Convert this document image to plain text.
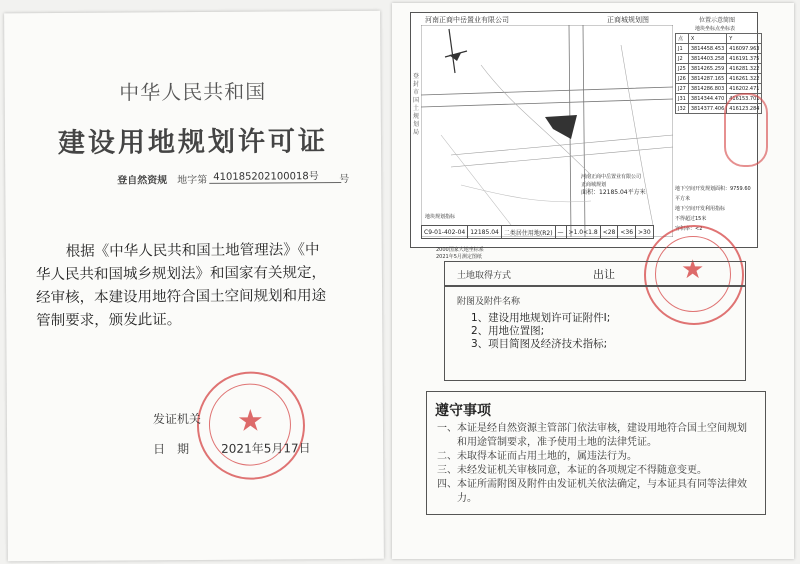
中华人民共和国
建设用地规划许可证
登自然资规 地字第 410185202100018号	号
根据《中华人民共和国土地管理法》《中
华人民共和国城乡规划法》和国家有关规定，
经审核，本建设用地符合国土空间规划和用途
管制要求，颁发此证。
★
发证机关
日　期	2021年5月17日
河南正商中岳置业有限公司	正商城规划图	位置示意简图
登封市国土规划局
河南正商中岳置业有限公司
正商城规划
面积：12185.04平方米
地块坐标点坐标表
点	X	Y
J1	3814458.453	416097.963
J2	3814403.258	416191.375
J25	3814265.259	416281.322
J26	3814287.165	416261.322
J27	3814286.803	416202.471
J31	3814344.470	416153.701
J32	3814377.406	416123.284
地下空间开发规划面积：9759.60平方米
地下空间开发利用指标
不得超过15米
容积率：<2
地块规划指标
C9-01-402-04	12185.04	二类居住用地(R2)	—	>1.0<1.8	<28	<36	>30
2000国家大地坐标系
2021年5月测定图纸	★
土地取得方式	出让
附图及附件名称
1、建设用地规划许可证附件Ⅰ;
2、用地位置图;
3、项目简图及经济技术指标;
遵守事项
一、本证是经自然资源主管部门依法审核，建设用地符合国土空间规划
　　和用途管制要求，准予使用土地的法律凭证。
二、未取得本证而占用土地的，属违法行为。
三、未经发证机关审核同意，本证的各项规定不得随意变更。
四、本证所需附图及附件由发证机关依法确定，与本证具有同等法律效
　　力。
